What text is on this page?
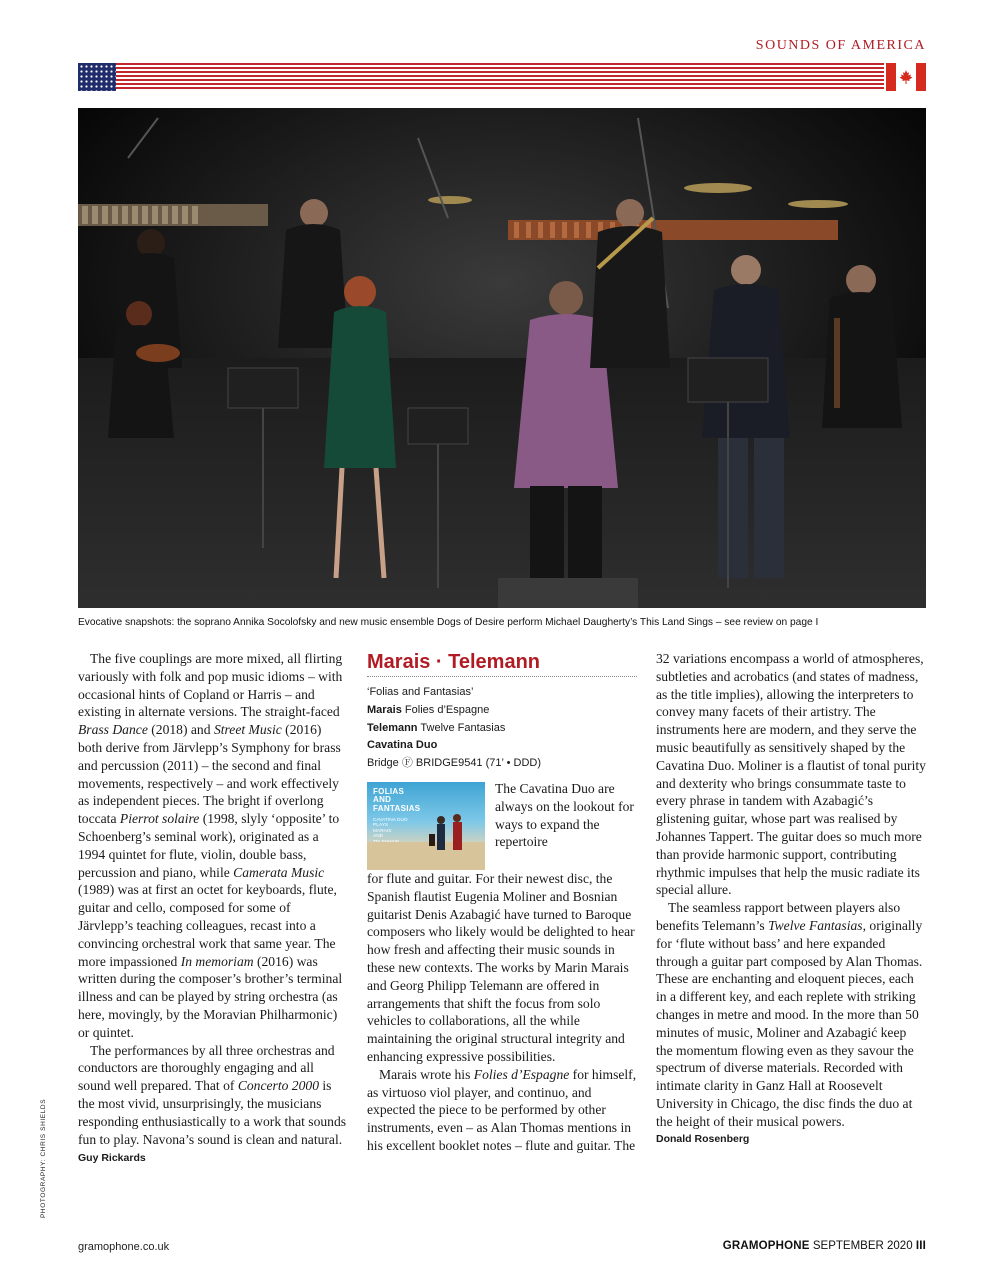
SOUNDS OF AMERICA
Evocative snapshots: the soprano Annika Socolofsky and new music ensemble Dogs of Desire perform Michael Daugherty’s This Land Sings – see review on page I
PHOTOGRAPHY: CHRIS SHIELDS

The five couplings are more mixed, all flirting variously with folk and pop music idioms – with occasional hints of Copland or Harris – and existing in alternate versions. The straight-faced Brass Dance (2018) and Street Music (2016) both derive from Järvlepp’s Symphony for brass and percussion (2011) – the second and final movements, respectively – and work effectively as independent pieces. The bright if overlong toccata Pierrot solaire (1998, slyly ‘opposite’ to Schoenberg’s seminal work), originated as a 1994 quintet for flute, violin, double bass, percussion and piano, while Camerata Music (1989) was at first an octet for keyboards, flute, guitar and cello, composed for some of Järvlepp’s teaching colleagues, recast into a convincing orchestral work that same year. The more impassioned In memoriam (2016) was written during the composer’s brother’s terminal illness and can be played by string orchestra (as here, movingly, by the Moravian Philharmonic) or quintet.

The performances by all three orchestras and conductors are thoroughly engaging and all sound well prepared. That of Concerto 2000 is the most vivid, unsurprisingly, the musicians responding enthusiastically to a work that sounds fun to play. Navona’s sound is clean and natural. Guy Rickards

Marais · Telemann
‘Folias and Fantasias’
Marais Folies d’Espagne
Telemann Twelve Fantasias
Cavatina Duo
Bridge Ⓕ BRIDGE9541 (71’ • DDD)
FOLIAS
AND
FANTASIAS
CAVATINA DUO
PLAYS
MARAIS
AND

The Cavatina Duo are always on the lookout for ways to expand the repertoire

for flute and guitar. For their newest disc, the Spanish flautist Eugenia Moliner and Bosnian guitarist Denis Azabagić have turned to Baroque composers who likely would be delighted to hear how fresh and affecting their music sounds in these new contexts. The works by Marin Marais and Georg Philipp Telemann are offered in arrangements that shift the focus from solo vehicles to collaborations, all the while maintaining the original structural integrity and enhancing expressive possibilities.

Marais wrote his Folies d’Espagne for himself, as virtuoso viol player, and continuo, and expected the piece to be performed by other instruments, even – as Alan Thomas mentions in his excellent booklet notes – flute and guitar. The

32 variations encompass a world of atmospheres, subtleties and acrobatics (and states of madness, as the title implies), allowing the interpreters to convey many facets of their artistry. The instruments here are modern, and they serve the music beautifully as sensitively shaped by the Cavatina Duo. Moliner is a flautist of tonal purity and dexterity who brings consummate taste to every phrase in tandem with Azabagić’s glistening guitar, whose part was realised by Johannes Tappert. The guitar does so much more than provide harmonic support, contributing rhythmic impulses that help the music radiate its special allure.

The seamless rapport between players also benefits Telemann’s Twelve Fantasias, originally for ‘flute without bass’ and here expanded through a guitar part composed by Alan Thomas. These are enchanting and eloquent pieces, each in a different key, and each replete with striking changes in metre and mood. In the more than 50 minutes of music, Moliner and Azabagić keep the momentum flowing even as they savour the spectrum of diverse materials. Recorded with intimate clarity in Ganz Hall at Roosevelt University in Chicago, the disc finds the duo at the height of their musical powers.

Donald Rosenberg
gramophone.co.uk	GRAMOPHONE SEPTEMBER 2020 III
